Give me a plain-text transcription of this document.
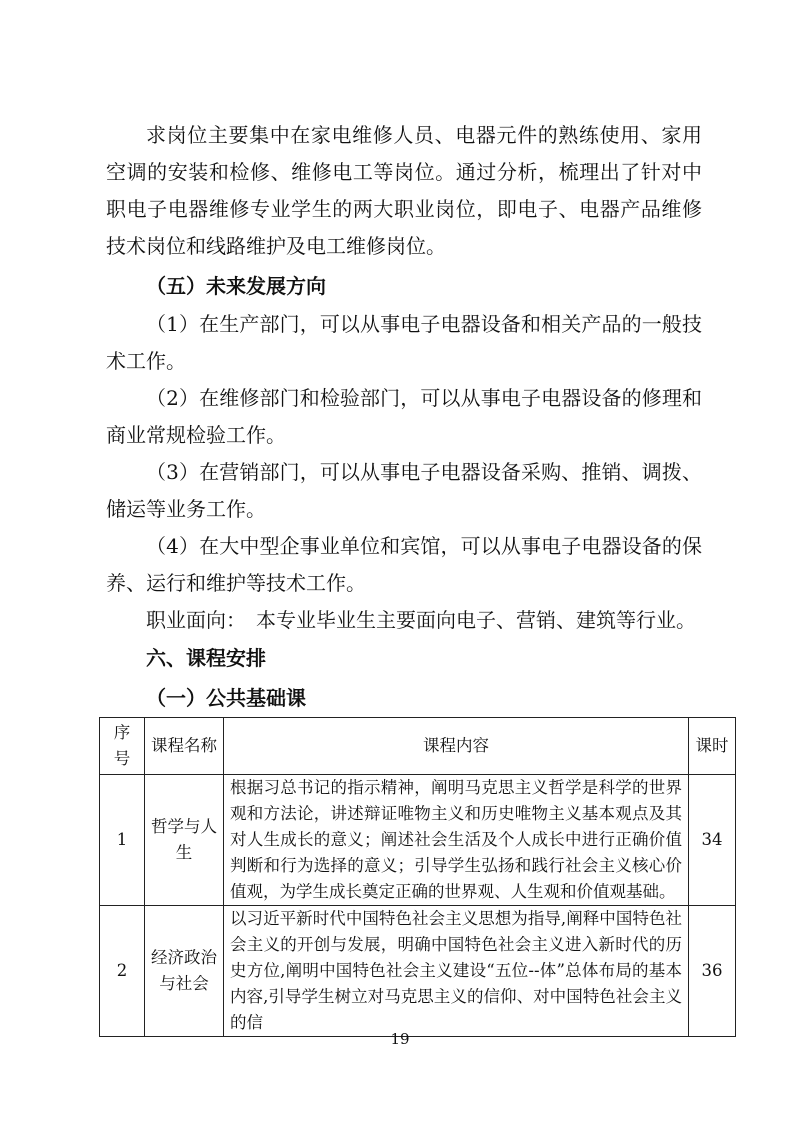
求岗位主要集中在家电维修人员、电器元件的熟练使用、家用空调的安装和检修、维修电工等岗位。通过分析，梳理出了针对中职电子电器维修专业学生的两大职业岗位，即电子、电器产品维修技术岗位和线路维护及电工维修岗位。

（五）未来发展方向

（1）在生产部门，可以从事电子电器设备和相关产品的一般技术工作。

（2）在维修部门和检验部门，可以从事电子电器设备的修理和商业常规检验工作。

（3）在营销部门，可以从事电子电器设备采购、推销、调拨、储运等业务工作。

（4）在大中型企事业单位和宾馆，可以从事电子电器设备的保养、运行和维护等技术工作。

职业面向：　本专业毕业生主要面向电子、营销、建筑等行业。

六、课程安排

（一）公共基础课

序号	课程名称	课程内容	课时
1	哲学与人生	根据习总书记的指示精神，阐明马克思主义哲学是科学的世界观和方法论，讲述辩证唯物主义和历史唯物主义基本观点及其对人生成长的意义；阐述社会生活及个人成长中进行正确价值判断和行为选择的意义；引导学生弘扬和践行社会主义核心价值观，为学生成长奠定正确的世界观、人生观和价值观基础。	34
2	经济政治与社会	以习近平新时代中国特色社会主义思想为指导,阐释中国特色社会主义的开创与发展，明确中国特色社会主义进入新时代的历史方位,阐明中国特色社会主义建设“五位--体”总体布局的基本内容,引导学生树立对马克思主义的信仰、对中国特色社会主义的信	36
19
